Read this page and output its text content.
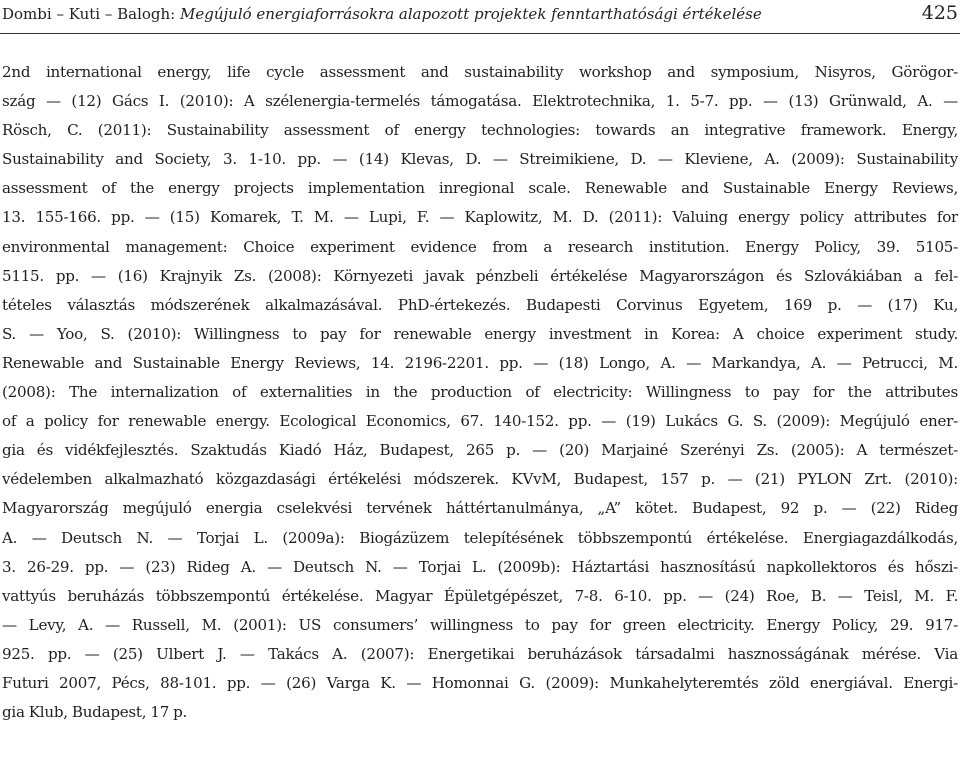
Dombi – Kuti – Balogh: Megújuló energiaforrásokra alapozott projektek fenntarthatósági értékelése	425
2nd international energy, life cycle assessment and sustainability workshop and symposium, Nisyros, Görögor-
szág — (12) Gács I. (2010): A szélenergia-termelés támogatása. Elektrotechnika, 1. 5-7. pp. — (13) Grünwald, A. —
Rösch, C. (2011): Sustainability assessment of energy technologies: towards an integrative framework. Energy,
Sustainability and Society, 3. 1-10. pp. — (14) Klevas, D. — Streimikiene, D. — Kleviene, A. (2009): Sustainability
assessment of the energy projects implementation inregional scale. Renewable and Sustainable Energy Reviews,
13. 155-166. pp. — (15) Komarek, T. M. — Lupi, F. — Kaplowitz, M. D. (2011): Valuing energy policy attributes for
environmental management: Choice experiment evidence from a research institution. Energy Policy, 39. 5105-
5115. pp. — (16) Krajnyik Zs. (2008): Környezeti javak pénzbeli értékelése Magyarországon és Szlovákiában a fel-
tételes választás módszerének alkalmazásával. PhD-értekezés. Budapesti Corvinus Egyetem, 169 p. — (17) Ku,
S. — Yoo, S. (2010): Willingness to pay for renewable energy investment in Korea: A choice experiment study.
Renewable and Sustainable Energy Reviews, 14. 2196-2201. pp. — (18) Longo, A. — Markandya, A. — Petrucci, M.
(2008): The internalization of externalities in the production of electricity: Willingness to pay for the attributes
of a policy for renewable energy. Ecological Economics, 67. 140-152. pp. — (19) Lukács G. S. (2009): Megújuló ener-
gia és vidékfejlesztés. Szaktudás Kiadó Ház, Budapest, 265 p. — (20) Marjainé Szerényi Zs. (2005): A természet-
védelemben alkalmazható közgazdasági értékelési módszerek. KVvM, Budapest, 157 p. — (21) PYLON Zrt. (2010):
Magyarország megújuló energia cselekvési tervének háttértanulmánya, „A” kötet. Budapest, 92 p. — (22) Rideg
A. — Deutsch N. — Torjai L. (2009a): Biogázüzem telepítésének többszempontú értékelése. Energiagazdálkodás,
3. 26-29. pp. — (23) Rideg A. — Deutsch N. — Torjai L. (2009b): Háztartási hasznosítású napkollektoros és hőszi-
vattyús beruházás többszempontú értékelése. Magyar Épületgépészet, 7-8. 6-10. pp. — (24) Roe, B. — Teisl, M. F.
— Levy, A. — Russell, M. (2001): US consumers’ willingness to pay for green electricity. Energy Policy, 29. 917-
925. pp. — (25) Ulbert J. — Takács A. (2007): Energetikai beruházások társadalmi hasznosságának mérése. Via
Futuri 2007, Pécs, 88-101. pp. — (26) Varga K. — Homonnai G. (2009): Munkahelyteremtés zöld energiával. Energi-
gia Klub, Budapest, 17 p.
